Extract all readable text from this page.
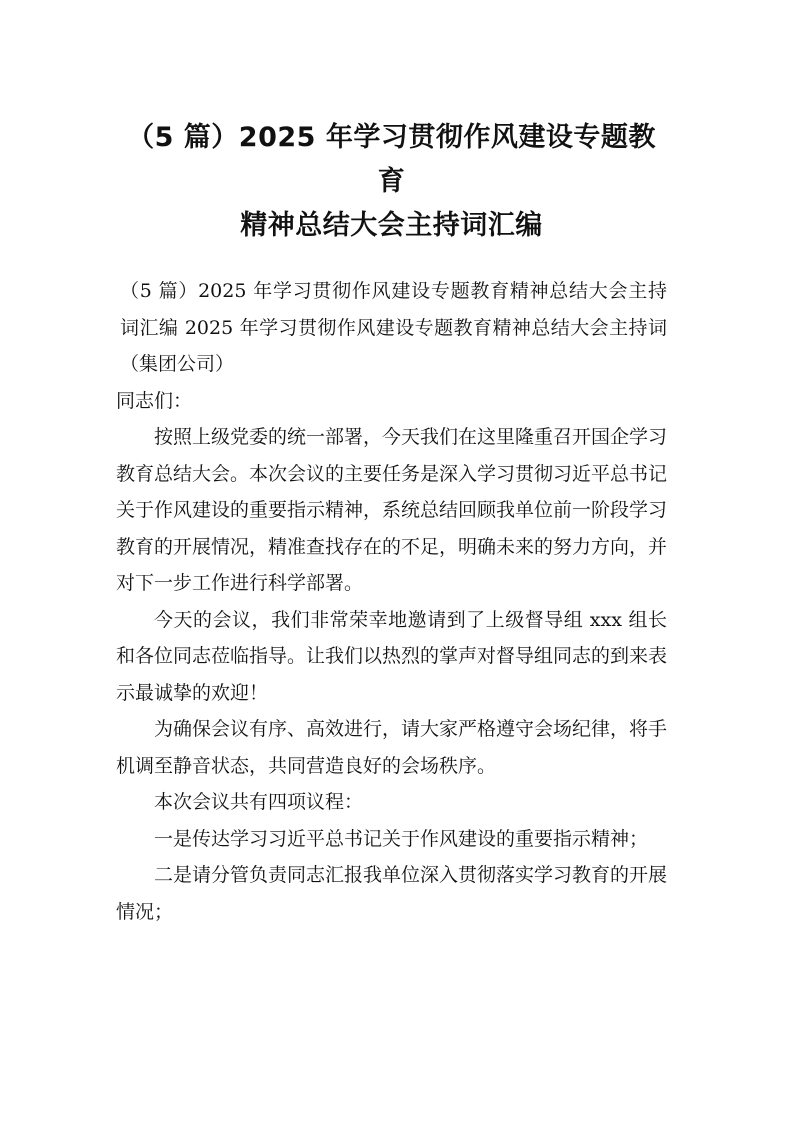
（5 篇）2025 年学习贯彻作风建设专题教育
精神总结大会主持词汇编

（5 篇）2025 年学习贯彻作风建设专题教育精神总结大会主持词汇编 2025 年学习贯彻作风建设专题教育精神总结大会主持词（集团公司）

同志们：

按照上级党委的统一部署，今天我们在这里隆重召开国企学习教育总结大会。本次会议的主要任务是深入学习贯彻习近平总书记关于作风建设的重要指示精神，系统总结回顾我单位前一阶段学习教育的开展情况，精准查找存在的不足，明确未来的努力方向，并对下一步工作进行科学部署。

今天的会议，我们非常荣幸地邀请到了上级督导组 xxx 组长和各位同志莅临指导。让我们以热烈的掌声对督导组同志的到来表示最诚挚的欢迎！

为确保会议有序、高效进行，请大家严格遵守会场纪律，将手机调至静音状态，共同营造良好的会场秩序。

本次会议共有四项议程：

一是传达学习习近平总书记关于作风建设的重要指示精神；

二是请分管负责同志汇报我单位深入贯彻落实学习教育的开展情况；
